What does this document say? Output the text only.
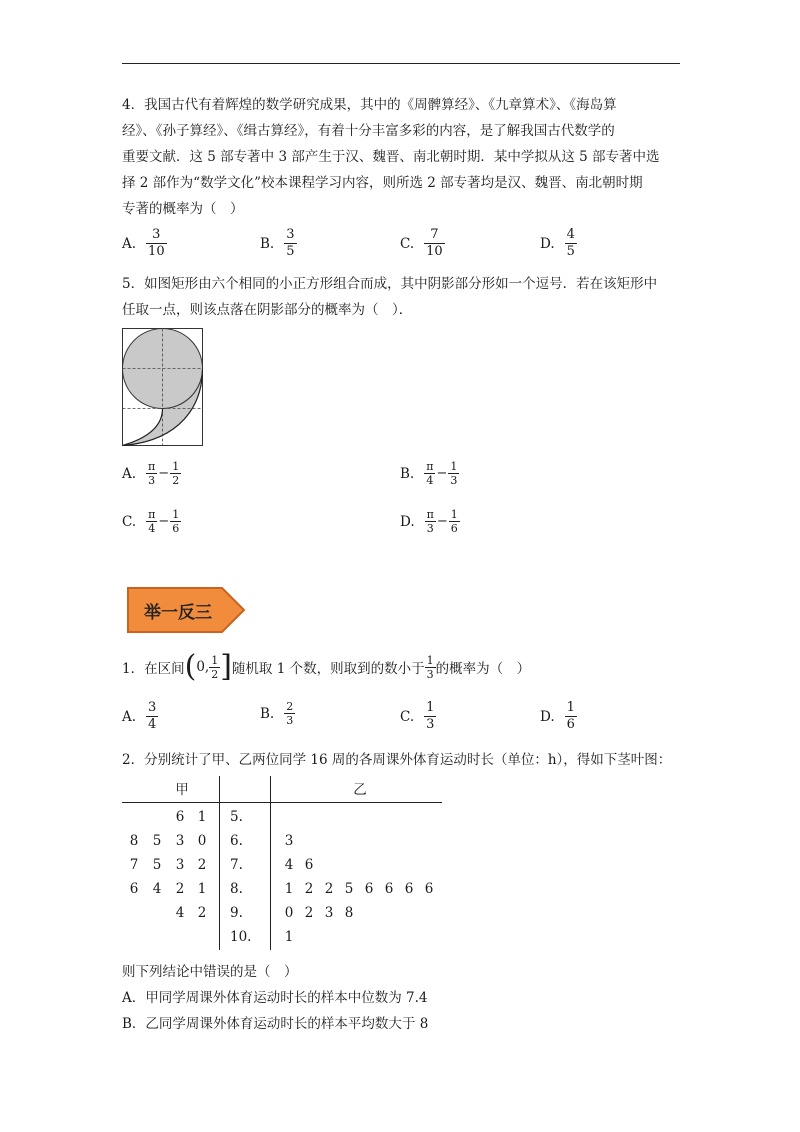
4．我国古代有着辉煌的数学研究成果，其中的《周髀算经》、《九章算术》、《海岛算
经》、《孙子算经》、《缉古算经》，有着十分丰富多彩的内容，是了解我国古代数学的
重要文献．这 5 部专著中 3 部产生于汉、魏晋、南北朝时期．某中学拟从这 5 部专著中选
择 2 部作为“数学文化”校本课程学习内容，则所选 2 部专著均是汉、魏晋、南北朝时期
专著的概率为（　）
A. $\frac{3}{10}$	B. $\frac{3}{5}$	C. $\frac{7}{10}$	D. $\frac{4}{5}$
5．如图矩形由六个相同的小正方形组合而成，其中阴影部分形如一个逗号．若在该矩形中
任取一点，则该点落在阴影部分的概率为（　）．
A. $\frac{\pi}{3} - \frac{1}{2}$	B. $\frac{\pi}{4} - \frac{1}{3}$
C. $\frac{\pi}{4} - \frac{1}{6}$	D. $\frac{\pi}{3} - \frac{1}{6}$
举一反三
1．在区间 ( 0, $\frac{1}{2}$ ] 随机取 1 个数，则取到的数小于 $\frac{1}{3}$ 的概率为（　）
A. $\frac{3}{4}$	B. $\frac{2}{3}$	C. $\frac{1}{3}$	D. $\frac{1}{6}$
2．分别统计了甲、乙两位同学 16 周的各周课外体育运动时长（单位：h），得如下茎叶图：
甲	乙
6 1	5.
8	5	3 0	6.	3
7	5	3 2	7.	4 6
6	4	2 1	8.	1 2 2 5 6 6 6 6
4 2	9.	0 2 3 8
10.	1
则下列结论中错误的是（　）
A．甲同学周课外体育运动时长的样本中位数为 7.4
B．乙同学周课外体育运动时长的样本平均数大于 8
